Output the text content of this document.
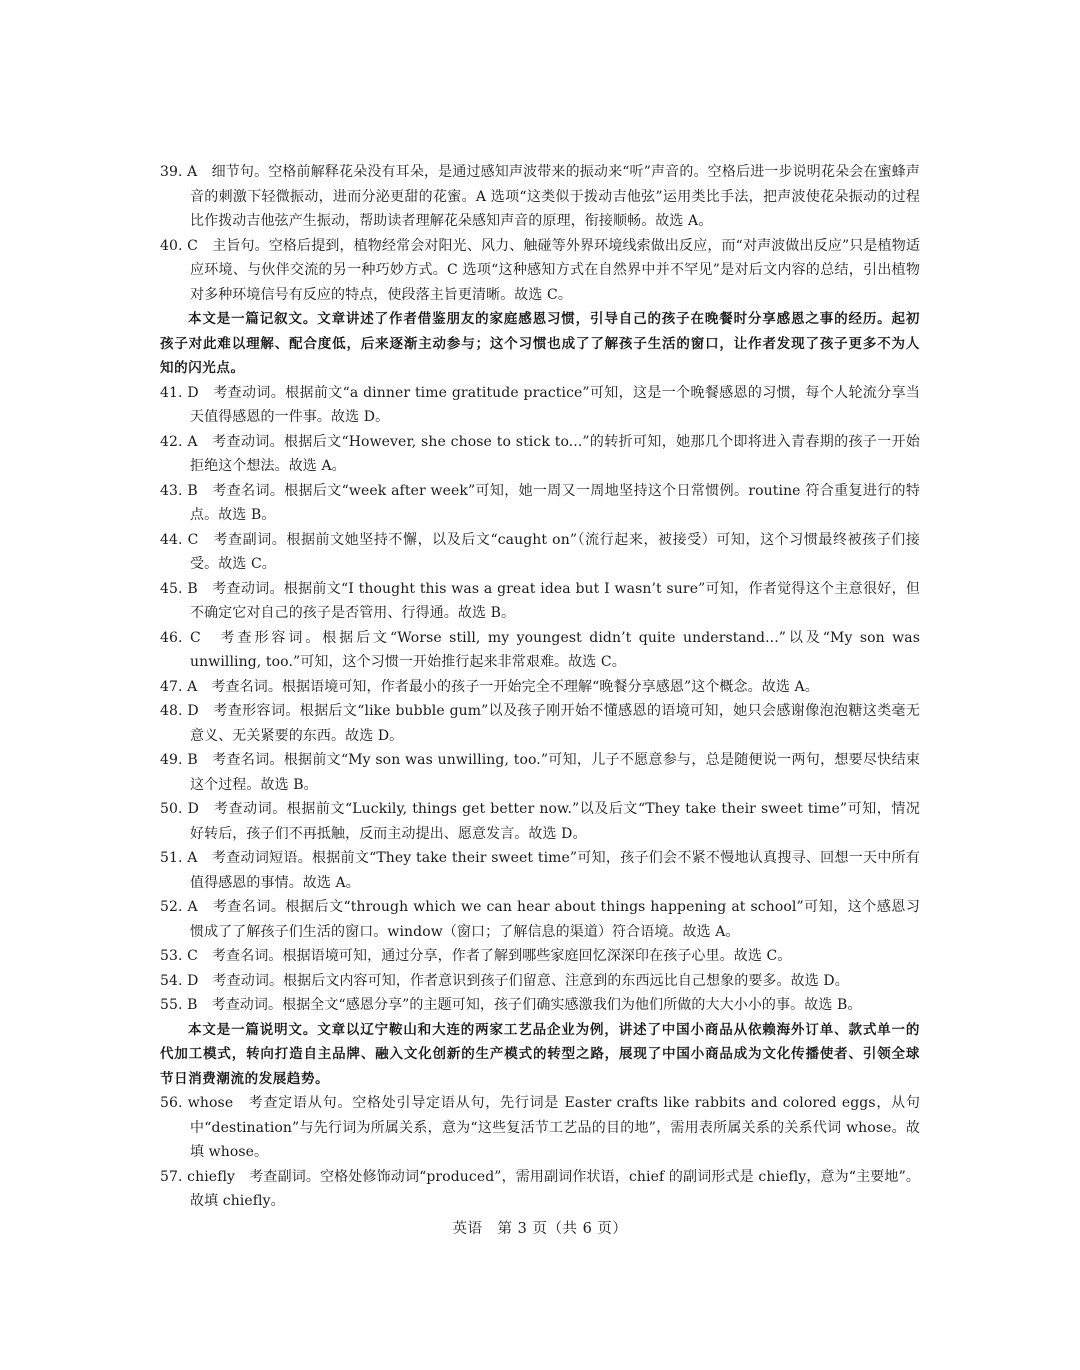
39. A　细节句。空格前解释花朵没有耳朵，是通过感知声波带来的振动来“听”声音的。空格后进一步说明花朵会在蜜蜂声音的刺激下轻微振动，进而分泌更甜的花蜜。A 选项“这类似于拨动吉他弦”运用类比手法，把声波使花朵振动的过程比作拨动吉他弦产生振动，帮助读者理解花朵感知声音的原理，衔接顺畅。故选 A。

40. C　主旨句。空格后提到，植物经常会对阳光、风力、触碰等外界环境线索做出反应，而“对声波做出反应”只是植物适应环境、与伙伴交流的另一种巧妙方式。C 选项“这种感知方式在自然界中并不罕见”是对后文内容的总结，引出植物对多种环境信号有反应的特点，使段落主旨更清晰。故选 C。

本文是一篇记叙文。文章讲述了作者借鉴朋友的家庭感恩习惯，引导自己的孩子在晚餐时分享感恩之事的经历。起初孩子对此难以理解、配合度低，后来逐渐主动参与；这个习惯也成了了解孩子生活的窗口，让作者发现了孩子更多不为人知的闪光点。

41. D　考查动词。根据前文“a dinner time gratitude practice”可知，这是一个晚餐感恩的习惯，每个人轮流分享当天值得感恩的一件事。故选 D。

42. A　考查动词。根据后文“However, she chose to stick to...”的转折可知，她那几个即将进入青春期的孩子一开始拒绝这个想法。故选 A。

43. B　考查名词。根据后文“week after week”可知，她一周又一周地坚持这个日常惯例。routine 符合重复进行的特点。故选 B。

44. C　考查副词。根据前文她坚持不懈，以及后文“caught on”（流行起来，被接受）可知，这个习惯最终被孩子们接受。故选 C。

45. B　考查动词。根据前文“I thought this was a great idea but I wasn’t sure”可知，作者觉得这个主意很好，但不确定它对自己的孩子是否管用、行得通。故选 B。

46. C　考查形容词。根据后文“Worse still, my youngest didn’t quite understand...”以及“My son was unwilling, too.”可知，这个习惯一开始推行起来非常艰难。故选 C。

47. A　考查名词。根据语境可知，作者最小的孩子一开始完全不理解“晚餐分享感恩”这个概念。故选 A。

48. D　考查形容词。根据后文“like bubble gum”以及孩子刚开始不懂感恩的语境可知，她只会感谢像泡泡糖这类毫无意义、无关紧要的东西。故选 D。

49. B　考查名词。根据前文“My son was unwilling, too.”可知，儿子不愿意参与，总是随便说一两句，想要尽快结束这个过程。故选 B。

50. D　考查动词。根据前文“Luckily, things get better now.”以及后文“They take their sweet time”可知，情况好转后，孩子们不再抵触，反而主动提出、愿意发言。故选 D。

51. A　考查动词短语。根据前文“They take their sweet time”可知，孩子们会不紧不慢地认真搜寻、回想一天中所有值得感恩的事情。故选 A。

52. A　考查名词。根据后文“through which we can hear about things happening at school”可知，这个感恩习惯成了了解孩子们生活的窗口。window（窗口；了解信息的渠道）符合语境。故选 A。

53. C　考查名词。根据语境可知，通过分享，作者了解到哪些家庭回忆深深印在孩子心里。故选 C。

54. D　考查动词。根据后文内容可知，作者意识到孩子们留意、注意到的东西远比自己想象的要多。故选 D。

55. B　考查动词。根据全文“感恩分享”的主题可知，孩子们确实感激我们为他们所做的大大小小的事。故选 B。

本文是一篇说明文。文章以辽宁鞍山和大连的两家工艺品企业为例，讲述了中国小商品从依赖海外订单、款式单一的代加工模式，转向打造自主品牌、融入文化创新的生产模式的转型之路，展现了中国小商品成为文化传播使者、引领全球节日消费潮流的发展趋势。

56. whose　考查定语从句。空格处引导定语从句，先行词是 Easter crafts like rabbits and colored eggs，从句中“destination”与先行词为所属关系，意为“这些复活节工艺品的目的地”，需用表所属关系的关系代词 whose。故填 whose。

57. chiefly　考查副词。空格处修饰动词“produced”，需用副词作状语，chief 的副词形式是 chiefly，意为“主要地”。故填 chiefly。

英语　第 3 页（共 6 页）
